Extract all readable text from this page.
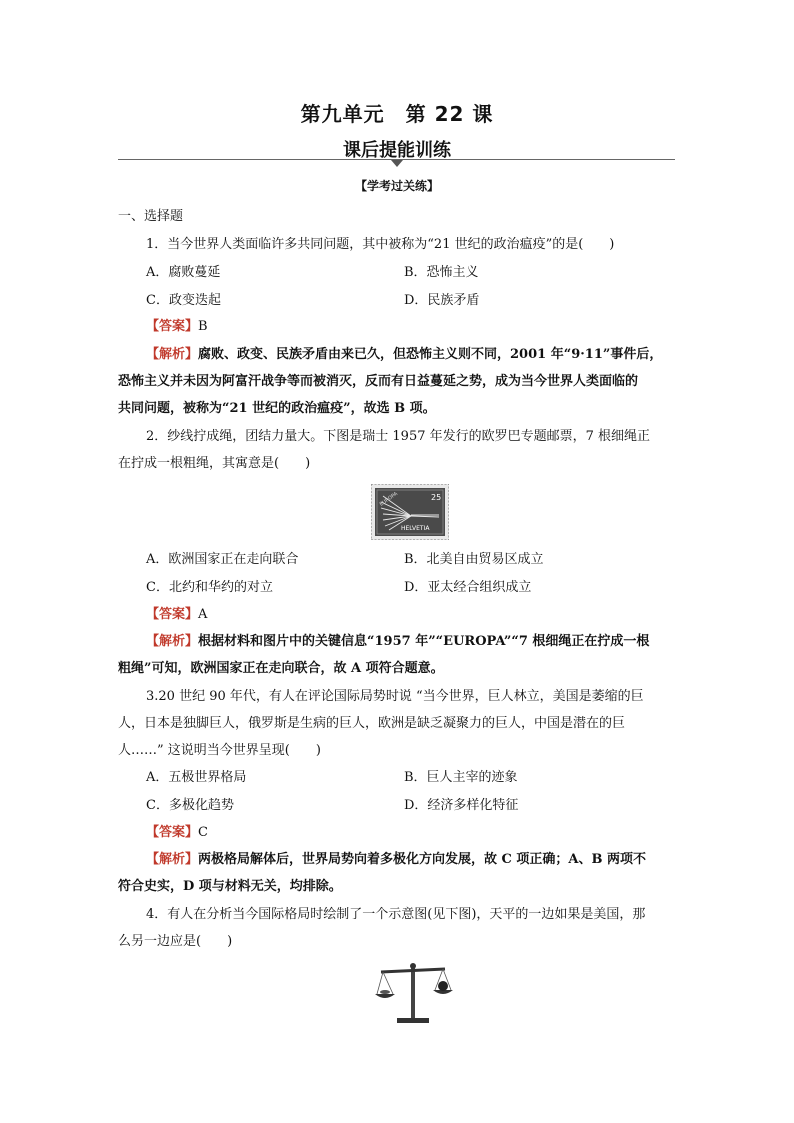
第九单元　第 22 课
课后提能训练
【学考过关练】
一、选择题
1．当今世界人类面临许多共同问题，其中被称为“21 世纪的政治瘟疫”的是(　　)
A．腐败蔓延	B．恐怖主义
C．政变迭起	D．民族矛盾
【答案】B
【解析】腐败、政变、民族矛盾由来已久，但恐怖主义则不同，2001 年“9·11”事件后，
恐怖主义并未因为阿富汗战争等而被消灭，反而有日益蔓延之势，成为当今世界人类面临的
共同问题，被称为“21 世纪的政治瘟疫”，故选 B 项。
2．纱线拧成绳，团结力量大。下图是瑞士 1957 年发行的欧罗巴专题邮票，7 根细绳正
在拧成一根粗绳，其寓意是(　　)
EUROPA	25
HELVETIA
A．欧洲国家正在走向联合	B．北美自由贸易区成立
C．北约和华约的对立	D．亚太经合组织成立
【答案】A
【解析】根据材料和图片中的关键信息“1957 年”“EUROPA”“7 根细绳正在拧成一根
粗绳”可知，欧洲国家正在走向联合，故 A 项符合题意。
3.20 世纪 90 年代，有人在评论国际局势时说 “当今世界，巨人林立，美国是萎缩的巨
人，日本是独脚巨人，俄罗斯是生病的巨人，欧洲是缺乏凝聚力的巨人，中国是潜在的巨
人……” 这说明当今世界呈现(　　)
A．五极世界格局	B．巨人主宰的迹象
C．多极化趋势	D．经济多样化特征
【答案】C
【解析】两极格局解体后，世界局势向着多极化方向发展，故 C 项正确；A、B 两项不
符合史实，D 项与材料无关，均排除。
4．有人在分析当今国际格局时绘制了一个示意图(见下图)，天平的一边如果是美国，那
么另一边应是(　　)
